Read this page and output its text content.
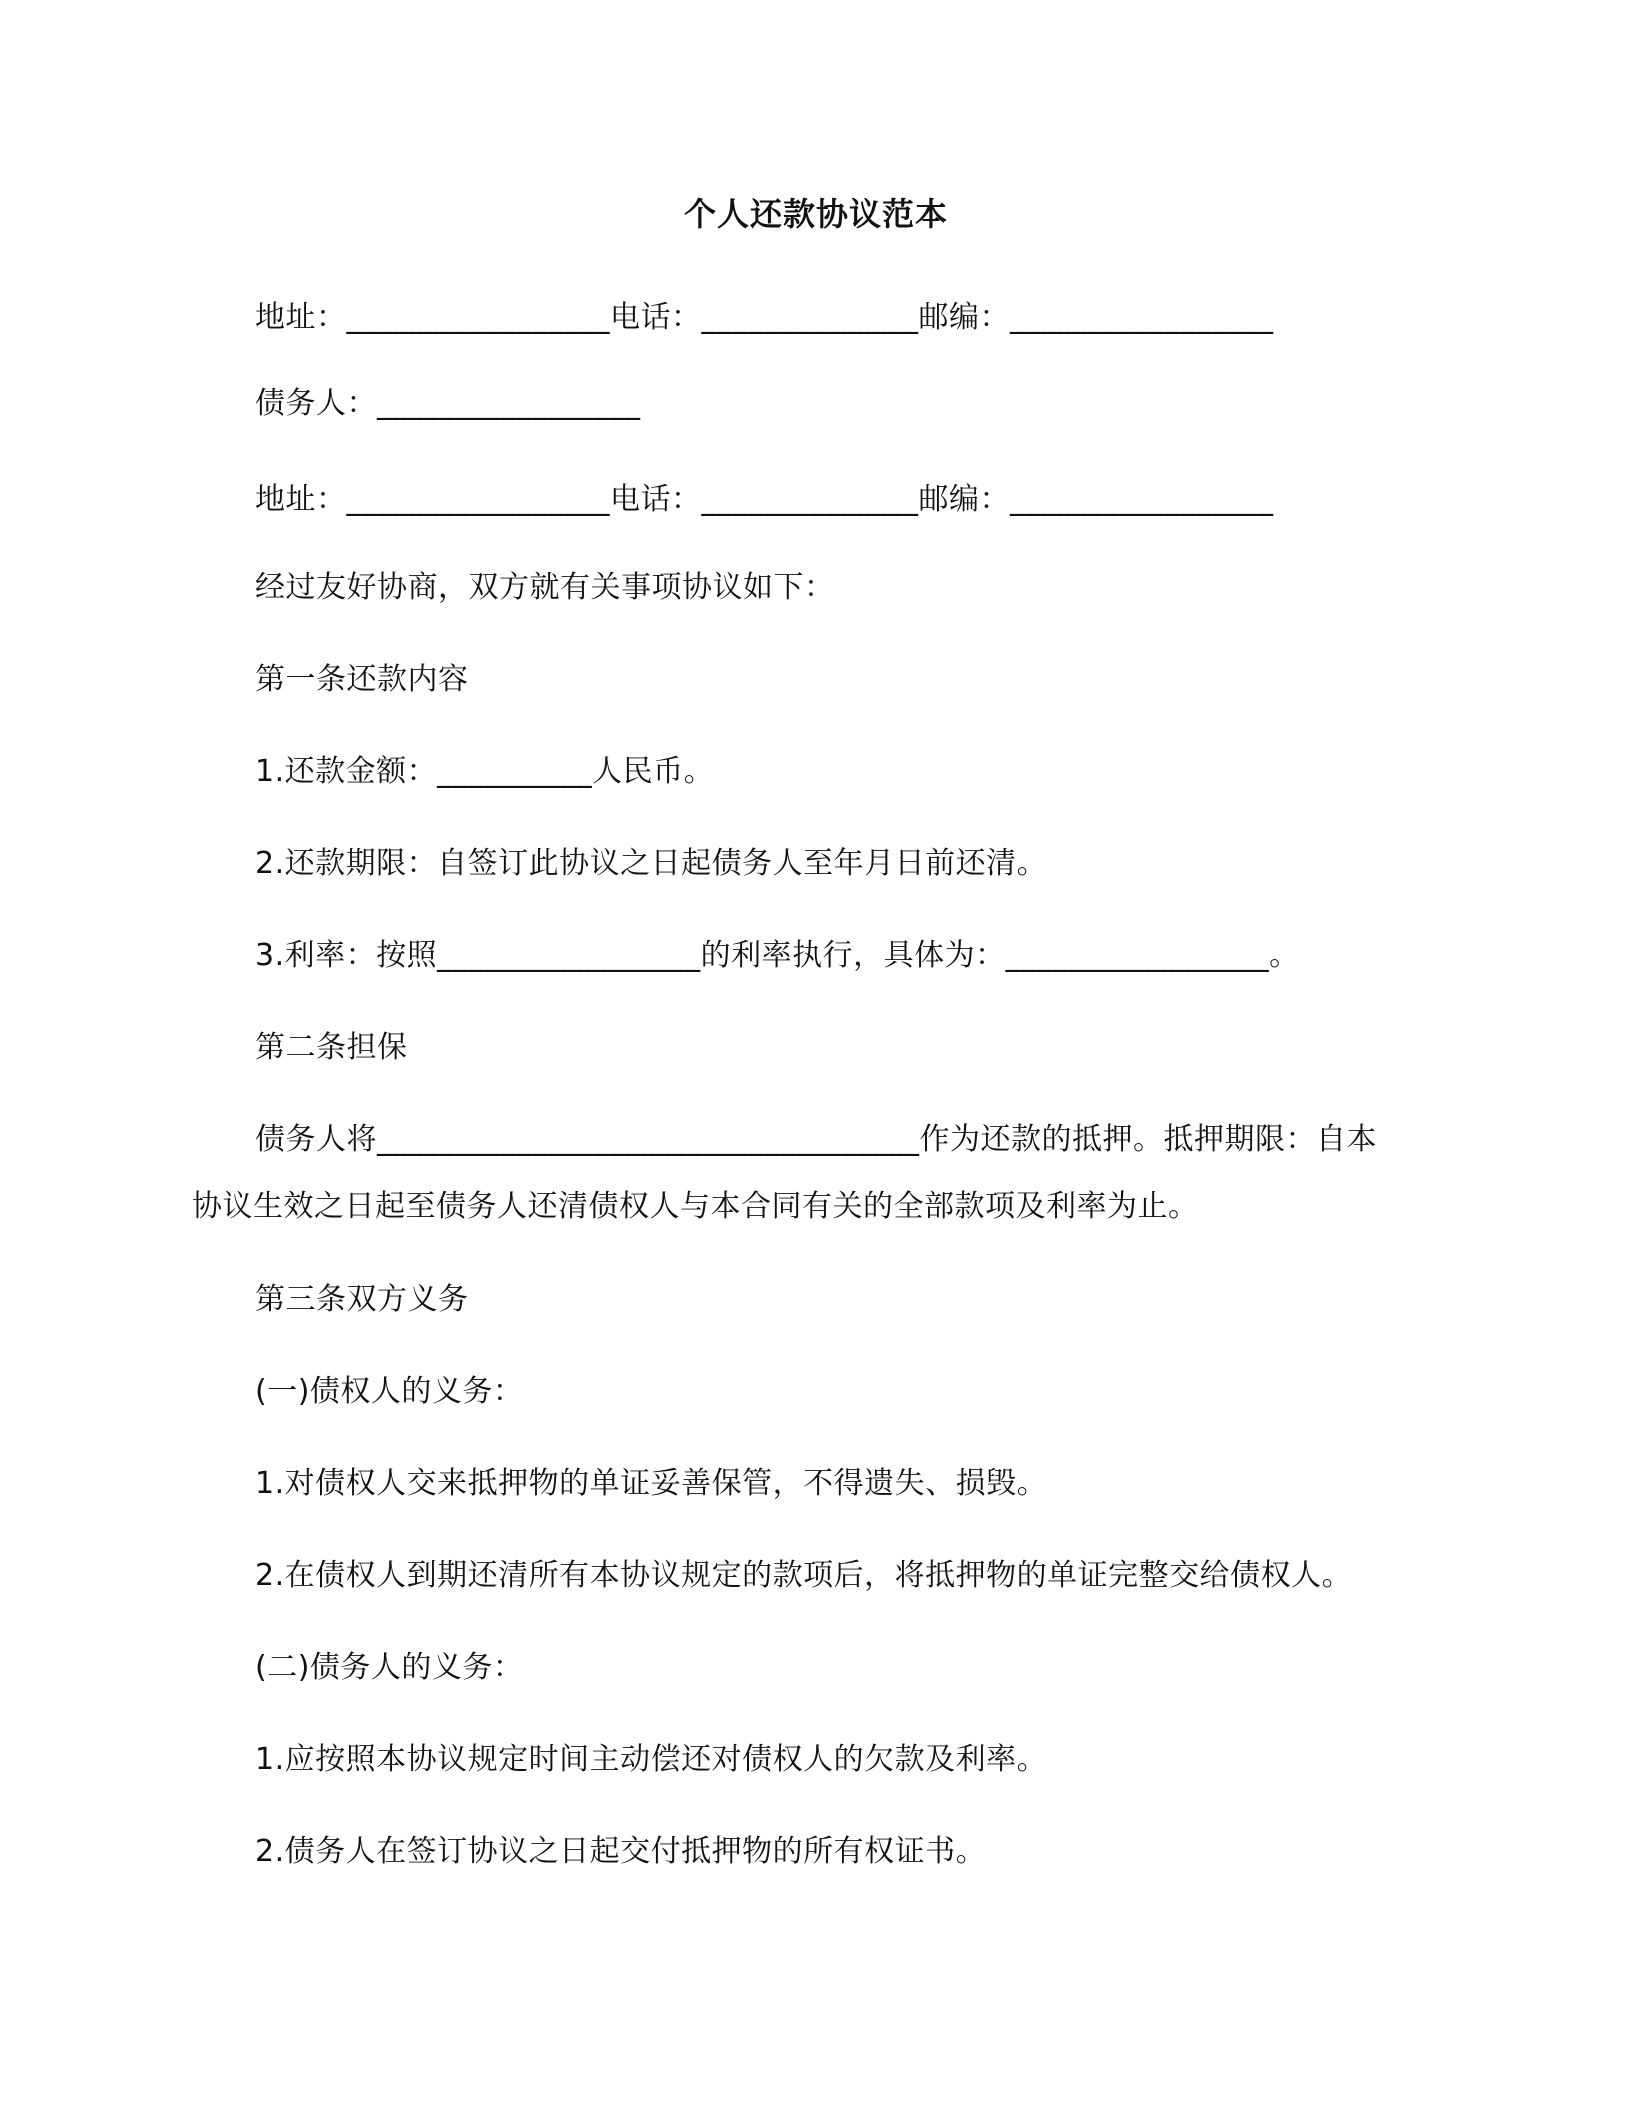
个人还款协议范本
地址：_________________电话：______________邮编：_________________
债务人：_________________
地址：_________________电话：______________邮编：_________________
经过友好协商，双方就有关事项协议如下：
第一条还款内容
1.还款金额：__________人民币。
2.还款期限：自签订此协议之日起债务人至年月日前还清。
3.利率：按照_________________的利率执行，具体为：_________________。
第二条担保
债务人将___________________________________作为还款的抵押。抵押期限：自本
协议生效之日起至债务人还清债权人与本合同有关的全部款项及利率为止。
第三条双方义务
(一)债权人的义务：
1.对债权人交来抵押物的单证妥善保管，不得遗失、损毁。
2.在债权人到期还清所有本协议规定的款项后，将抵押物的单证完整交给债权人。
(二)债务人的义务：
1.应按照本协议规定时间主动偿还对债权人的欠款及利率。
2.债务人在签订协议之日起交付抵押物的所有权证书。
